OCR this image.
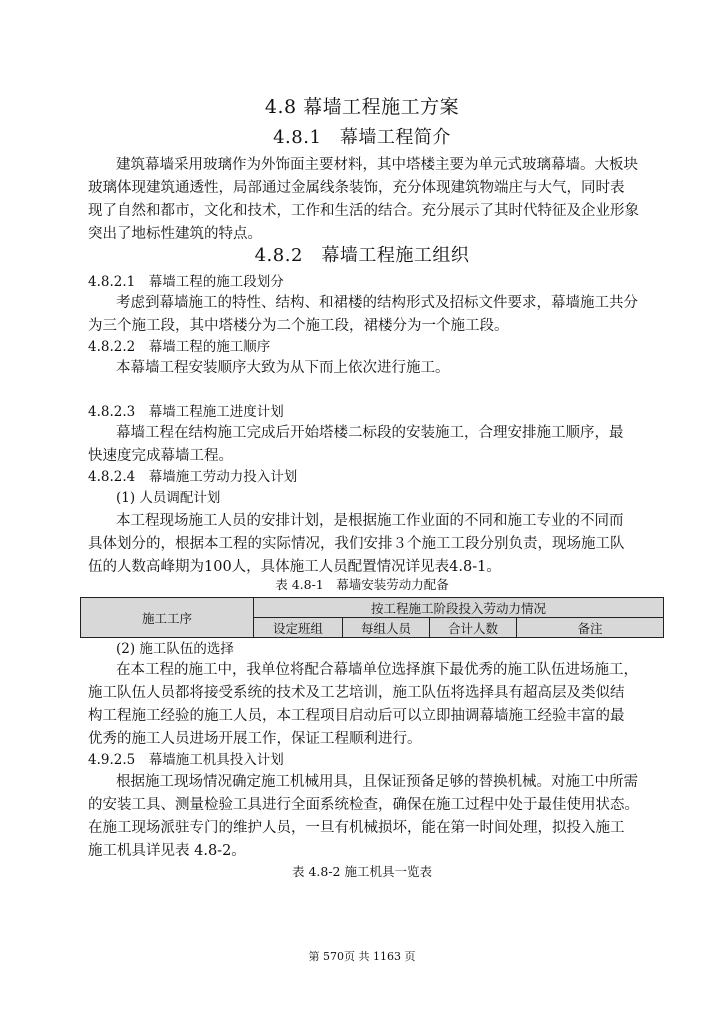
4.8 幕墙工程施工方案
4.8.1　幕墙工程简介
建筑幕墙采用玻璃作为外饰面主要材料，其中塔楼主要为单元式玻璃幕墙。大板块
玻璃体现建筑通透性，局部通过金属线条装饰，充分体现建筑物端庄与大气，同时表
现了自然和都市，文化和技术，工作和生活的结合。充分展示了其时代特征及企业形象
突出了地标性建筑的特点。
4.8.2　幕墙工程施工组织
4.8.2.1　幕墙工程的施工段划分
考虑到幕墙施工的特性、结构、和裙楼的结构形式及招标文件要求，幕墙施工共分
为三个施工段，其中塔楼分为二个施工段，裙楼分为一个施工段。
4.8.2.2　幕墙工程的施工顺序
本幕墙工程安装顺序大致为从下而上依次进行施工。
4.8.2.3　幕墙工程施工进度计划
幕墙工程在结构施工完成后开始塔楼二标段的安装施工，合理安排施工顺序，最
快速度完成幕墙工程。
4.8.2.4　幕墙施工劳动力投入计划
(1) 人员调配计划
本工程现场施工人员的安排计划，是根据施工作业面的不同和施工专业的不同而
具体划分的，根据本工程的实际情况，我们安排３个施工工段分别负责，现场施工队
伍的人数高峰期为100人，具体施工人员配置情况详见表4.8-1。
表 4.8-1　幕墙安装劳动力配备
施工工序	按工程施工阶段投入劳动力情况			
	设定班组	每组人员	合计人数	备注
(2) 施工队伍的选择
在本工程的施工中，我单位将配合幕墙单位选择旗下最优秀的施工队伍进场施工，
施工队伍人员都将接受系统的技术及工艺培训，施工队伍将选择具有超高层及类似结
构工程施工经验的施工人员，本工程项目启动后可以立即抽调幕墙施工经验丰富的最
优秀的施工人员进场开展工作，保证工程顺利进行。
4.9.2.5　幕墙施工机具投入计划
根据施工现场情况确定施工机械用具，且保证预备足够的替换机械。对施工中所需
的安装工具、测量检验工具进行全面系统检查，确保在施工过程中处于最佳使用状态。
在施工现场派驻专门的维护人员，一旦有机械损坏，能在第一时间处理，拟投入施工
施工机具详见表 4.8-2。
表 4.8-2 施工机具一览表
第 570页 共 1163 页
